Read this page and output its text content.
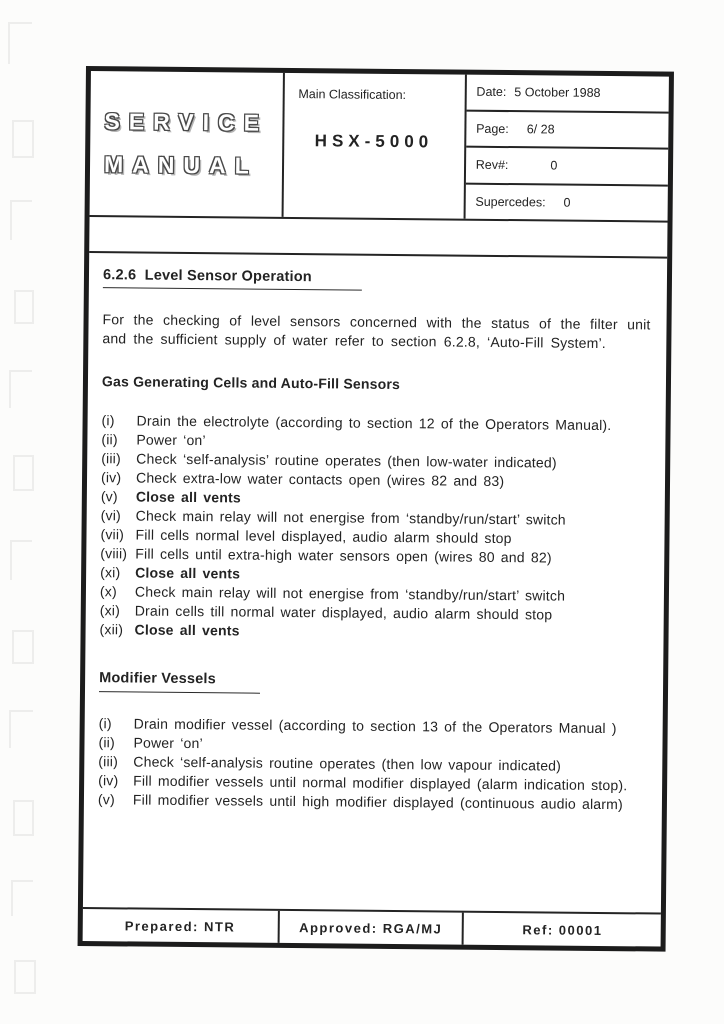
SERVICE
MANUAL
Main Classification:
HSX-5000
Date: 5 October 1988
Page: 6/ 28
Rev#:	0
Supercedes: 0
6.2.6  Level Sensor Operation

For the checking of level sensors concerned with the status of the filter unit and the sufficient supply of water refer to section 6.2.8, ‘Auto-Fill System’.

Gas Generating Cells and Auto-Fill Sensors
(i)	Drain the electrolyte (according to section 12 of the Operators Manual).
(ii)	Power ‘on’
(iii)	Check ‘self-analysis’ routine operates (then low-water indicated)
(iv)	Check extra-low water contacts open (wires 82 and 83)
(v)	Close all vents
(vi)	Check main relay will not energise from ‘standby/run/start’ switch
(vii) Fill cells normal level displayed, audio alarm should stop
(viii) Fill cells until extra-high water sensors open (wires 80 and 82)
(xi)	Close all vents
(x)	Check main relay will not energise from ‘standby/run/start’ switch
(xi)	Drain cells till normal water displayed, audio alarm should stop
(xii) Close all vents
Modifier Vessels
(i)	Drain modifier vessel (according to section 13 of the Operators Manual )
(ii)	Power ‘on’
(iii)	Check ‘self-analysis routine operates (then low vapour indicated)
(iv)	Fill modifier vessels until normal modifier displayed (alarm indication stop).
(v)	Fill modifier vessels until high modifier displayed (continuous audio alarm)
Prepared: NTR	Approved: RGA/MJ	Ref: 00001
